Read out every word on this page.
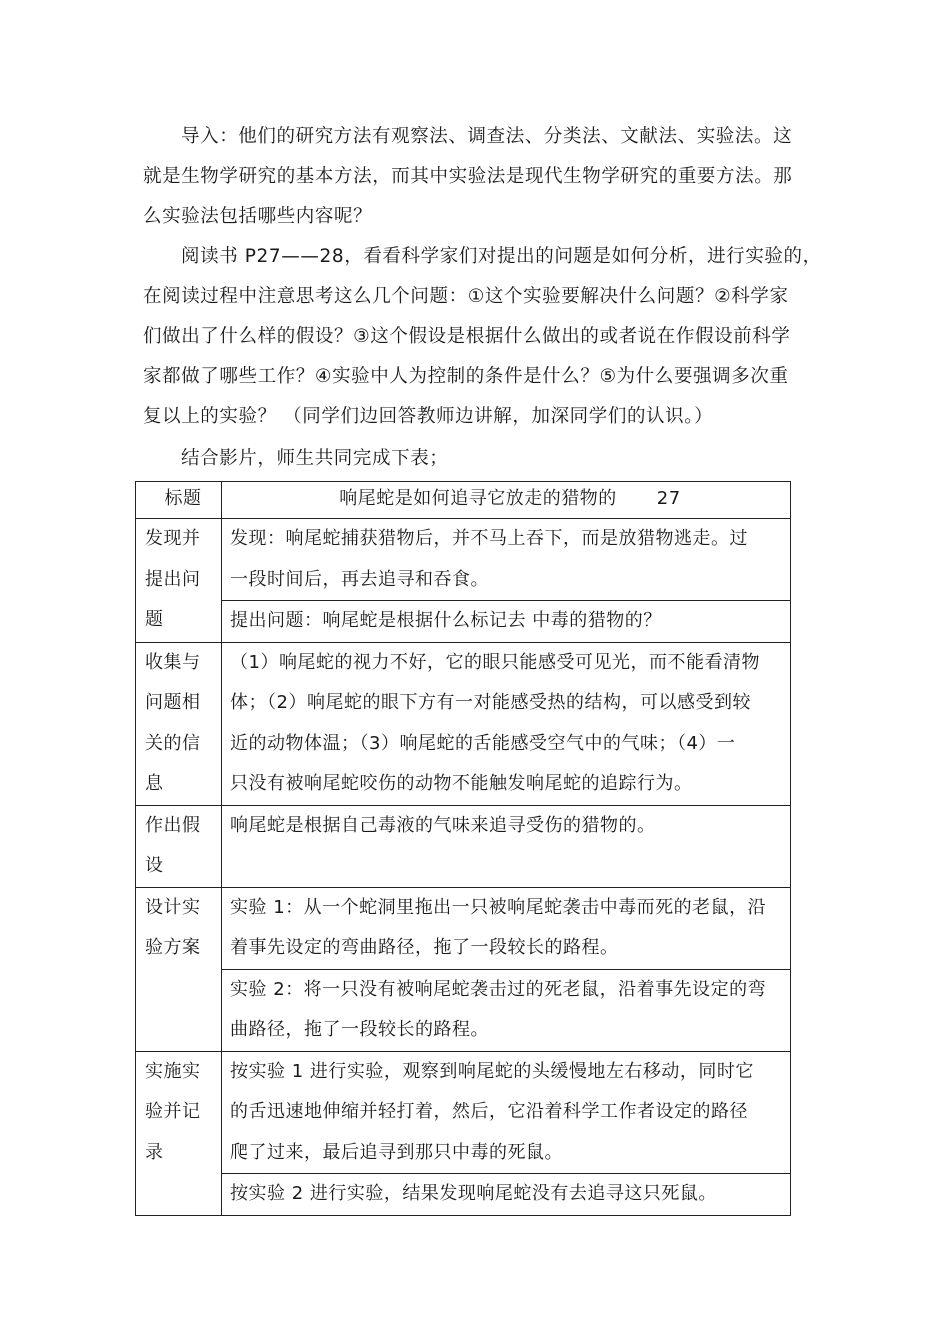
导入：他们的研究方法有观察法、调查法、分类法、文献法、实验法。这
就是生物学研究的基本方法，而其中实验法是现代生物学研究的重要方法。那
么实验法包括哪些内容呢？

阅读书 P27——28，看看科学家们对提出的问题是如何分析，进行实验的，
在阅读过程中注意思考这么几个问题：①这个实验要解决什么问题？②科学家
们做出了什么样的假设？③这个假设是根据什么做出的或者说在作假设前科学
家都做了哪些工作？④实验中人为控制的条件是什么？⑤为什么要强调多次重
复以上的实验？ （同学们边回答教师边讲解，加深同学们的认识。）

结合影片，师生共同完成下表；

标题	响尾蛇是如何追寻它放走的猎物的 27

发现并
提出问
题	发现：响尾蛇捕获猎物后，并不马上吞下，而是放猎物逃走。过
一段时间后，再去追寻和吞食。

	提出问题：响尾蛇是根据什么标记去 中毒的猎物的？

收集与
问题相
关的信
息	（1）响尾蛇的视力不好，它的眼只能感受可见光，而不能看清物
体；（2）响尾蛇的眼下方有一对能感受热的结构，可以感受到较
近的动物体温；（3）响尾蛇的舌能感受空气中的气味；（4）一
只没有被响尾蛇咬伤的动物不能触发响尾蛇的追踪行为。

作出假
设	响尾蛇是根据自己毒液的气味来追寻受伤的猎物的。

设计实
验方案	实验 1：从一个蛇洞里拖出一只被响尾蛇袭击中毒而死的老鼠，沿
着事先设定的弯曲路径，拖了一段较长的路程。

	实验 2：将一只没有被响尾蛇袭击过的死老鼠，沿着事先设定的弯
曲路径，拖了一段较长的路程。

实施实
验并记
录	按实验 1 进行实验，观察到响尾蛇的头缓慢地左右移动，同时它
的舌迅速地伸缩并轻打着，然后，它沿着科学工作者设定的路径
爬了过来，最后追寻到那只中毒的死鼠。

	按实验 2 进行实验，结果发现响尾蛇没有去追寻这只死鼠。
